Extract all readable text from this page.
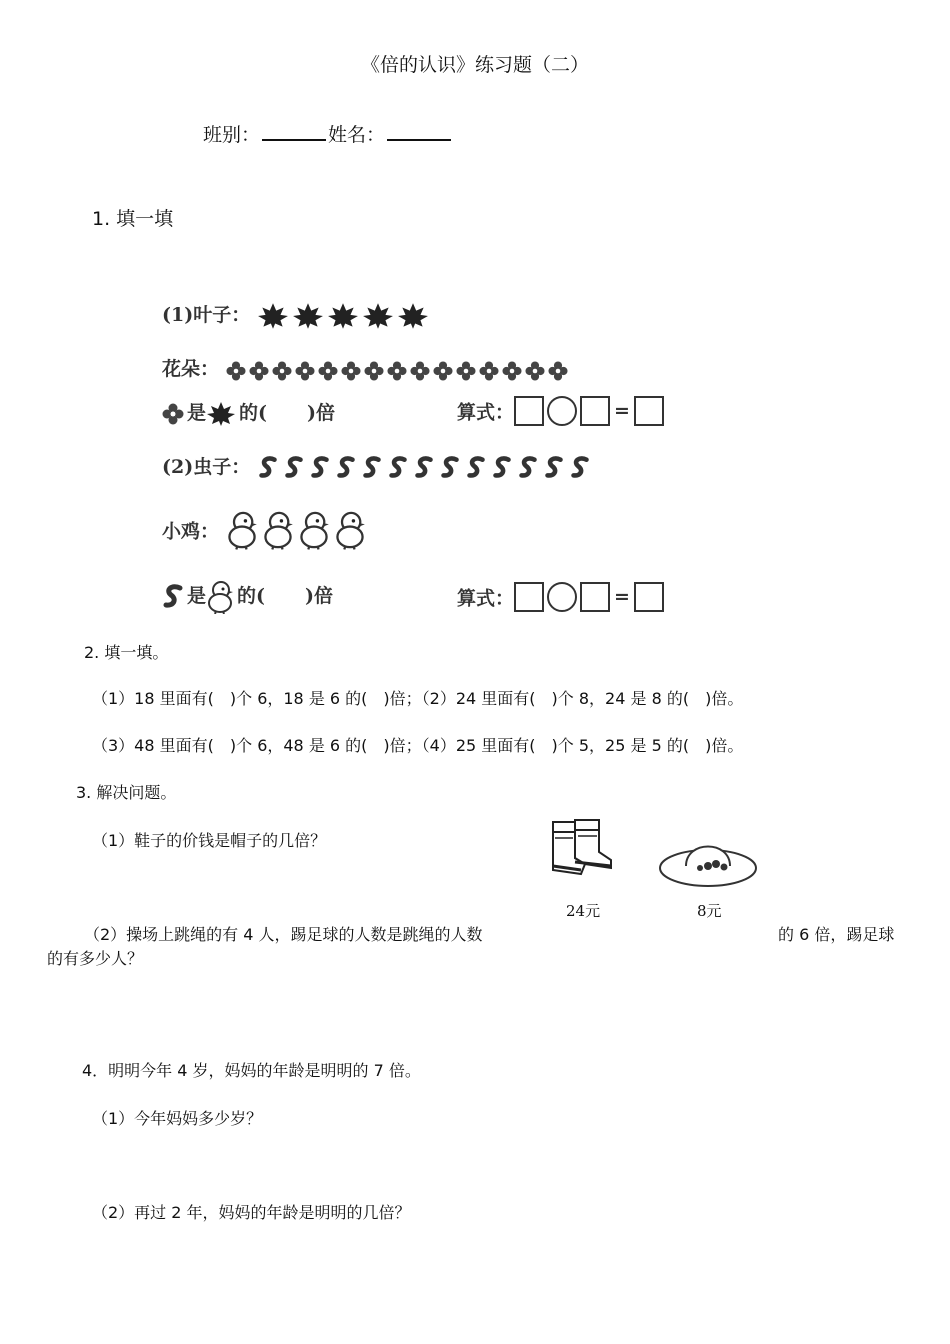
《倍的认识》练习题（二）
班别：	姓名：
1. 填一填
(1)叶子：
花朵：
是 的( )倍	算式：	=
(2)虫子：
小鸡：
是 的( )倍	算式：	=
2. 填一填。
（1）18 里面有(　)个 6，18 是 6 的(　)倍；（2）24 里面有(　)个 8，24 是 8 的(　)倍。
（3）48 里面有(　)个 6，48 是 6 的(　)倍；（4）25 里面有(　)个 5，25 是 5 的(　)倍。
3. 解决问题。
（1）鞋子的价钱是帽子的几倍？
24元	8元
（2）操场上跳绳的有 4 人，踢足球的人数是跳绳的人数	的 6 倍，踢足球
的有多少人？
4．明明今年 4 岁，妈妈的年龄是明明的 7 倍。
（1）今年妈妈多少岁？
（2）再过 2 年，妈妈的年龄是明明的几倍？
